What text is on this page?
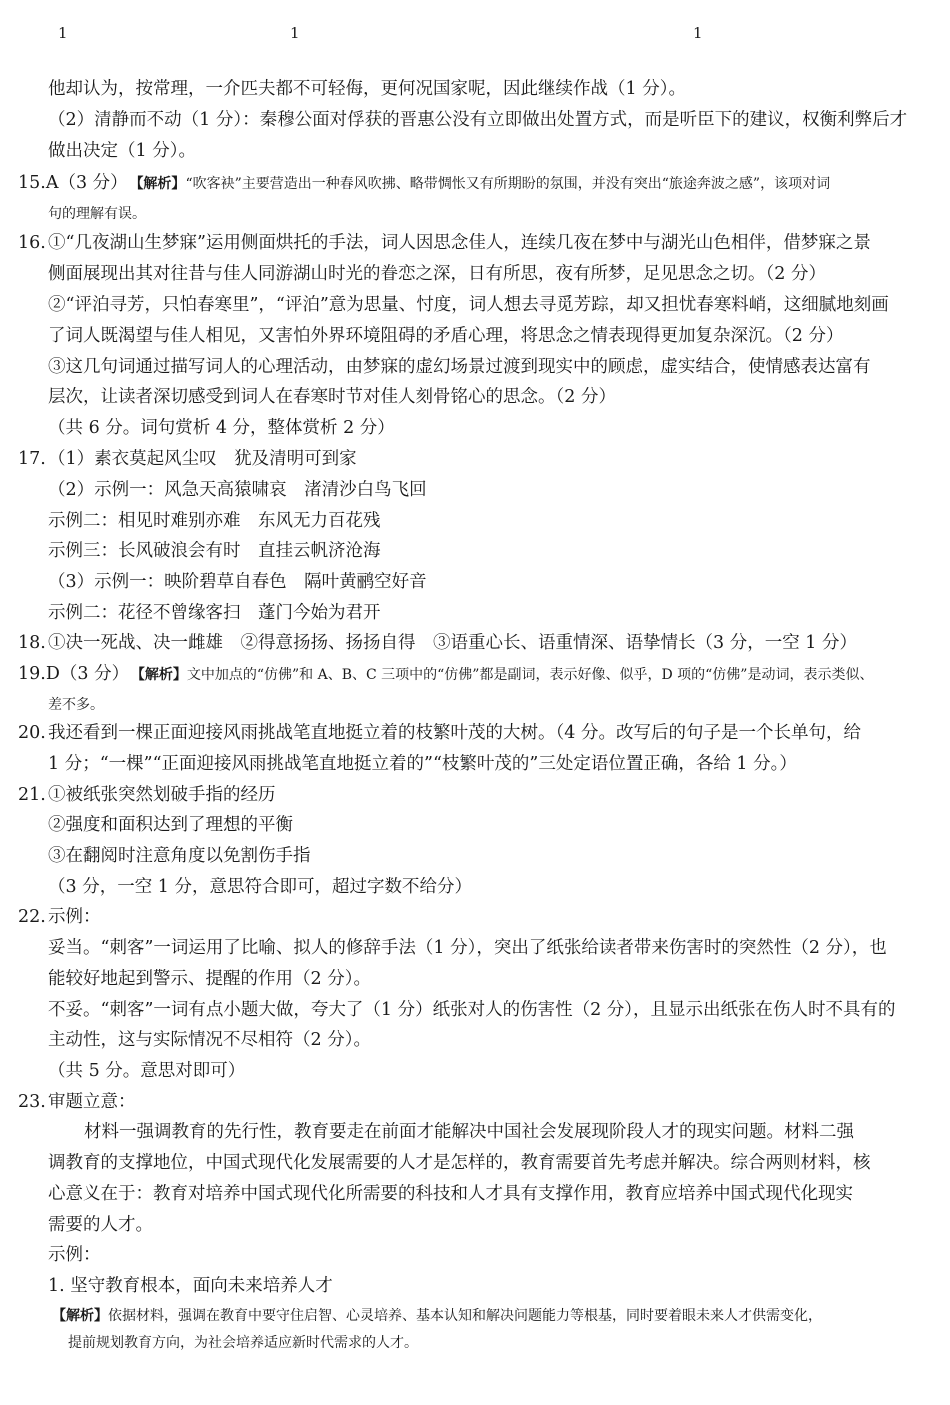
1	1	1
他却认为，按常理，一介匹夫都不可轻侮，更何况国家呢，因此继续作战（1 分）。
（2）清静而不动（1 分）：秦穆公面对俘获的晋惠公没有立即做出处置方式，而是听臣下的建议，权衡利弊后才
做出决定（1 分）。
15.A（3 分）　 【解析】“吹客袂”主要营造出一种春风吹拂、略带惆怅又有所期盼的氛围，并没有突出“旅途奔波之感”，该项对词
句的理解有误。
16. ①“几夜湖山生梦寐”运用侧面烘托的手法，词人因思念佳人，连续几夜在梦中与湖光山色相伴，借梦寐之景
侧面展现出其对往昔与佳人同游湖山时光的眷恋之深，日有所思，夜有所梦，足见思念之切。（2 分）
②“评泊寻芳，只怕春寒里”，“评泊”意为思量、忖度，词人想去寻觅芳踪，却又担忧春寒料峭，这细腻地刻画
了词人既渴望与佳人相见，又害怕外界环境阻碍的矛盾心理，将思念之情表现得更加复杂深沉。（2 分）
③这几句词通过描写词人的心理活动，由梦寐的虚幻场景过渡到现实中的顾虑，虚实结合，使情感表达富有
层次，让读者深切感受到词人在春寒时节对佳人刻骨铭心的思念。（2 分）
（共 6 分。词句赏析 4 分，整体赏析 2 分）
17. （1）素衣莫起风尘叹　犹及清明可到家
（2）示例一：风急天高猿啸哀　渚清沙白鸟飞回
示例二：相见时难别亦难　东风无力百花残
示例三：长风破浪会有时　直挂云帆济沧海
（3）示例一：映阶碧草自春色　隔叶黄鹂空好音
示例二：花径不曾缘客扫　蓬门今始为君开
18. ①决一死战、决一雌雄　②得意扬扬、扬扬自得　③语重心长、语重情深、语挚情长（3 分，一空 1 分）
19.D（3 分）　 【解析】文中加点的“仿佛”和 A、B、C 三项中的“仿佛”都是副词，表示好像、似乎，D 项的“仿佛”是动词，表示类似、
差不多。
20. 我还看到一棵正面迎接风雨挑战笔直地挺立着的枝繁叶茂的大树。（4 分。改写后的句子是一个长单句，给
1 分；“一棵”“正面迎接风雨挑战笔直地挺立着的”“枝繁叶茂的”三处定语位置正确，各给 1 分。）
21. ①被纸张突然划破手指的经历
②强度和面积达到了理想的平衡
③在翻阅时注意角度以免割伤手指
（3 分，一空 1 分，意思符合即可，超过字数不给分）
22. 示例：
妥当。“刺客”一词运用了比喻、拟人的修辞手法（1 分），突出了纸张给读者带来伤害时的突然性（2 分），也
能较好地起到警示、提醒的作用（2 分）。
不妥。“刺客”一词有点小题大做，夸大了（1 分）纸张对人的伤害性（2 分），且显示出纸张在伤人时不具有的
主动性，这与实际情况不尽相符（2 分）。
（共 5 分。意思对即可）
23. 审题立意：
材料一强调教育的先行性，教育要走在前面才能解决中国社会发展现阶段人才的现实问题。材料二强
调教育的支撑地位，中国式现代化发展需要的人才是怎样的，教育需要首先考虑并解决。综合两则材料，核
心意义在于：教育对培养中国式现代化所需要的科技和人才具有支撑作用，教育应培养中国式现代化现实
需要的人才。
示例：
1. 坚守教育根本，面向未来培养人才
【解析】依据材料，强调在教育中要守住启智、心灵培养、基本认知和解决问题能力等根基，同时要着眼未来人才供需变化，
提前规划教育方向，为社会培养适应新时代需求的人才。
